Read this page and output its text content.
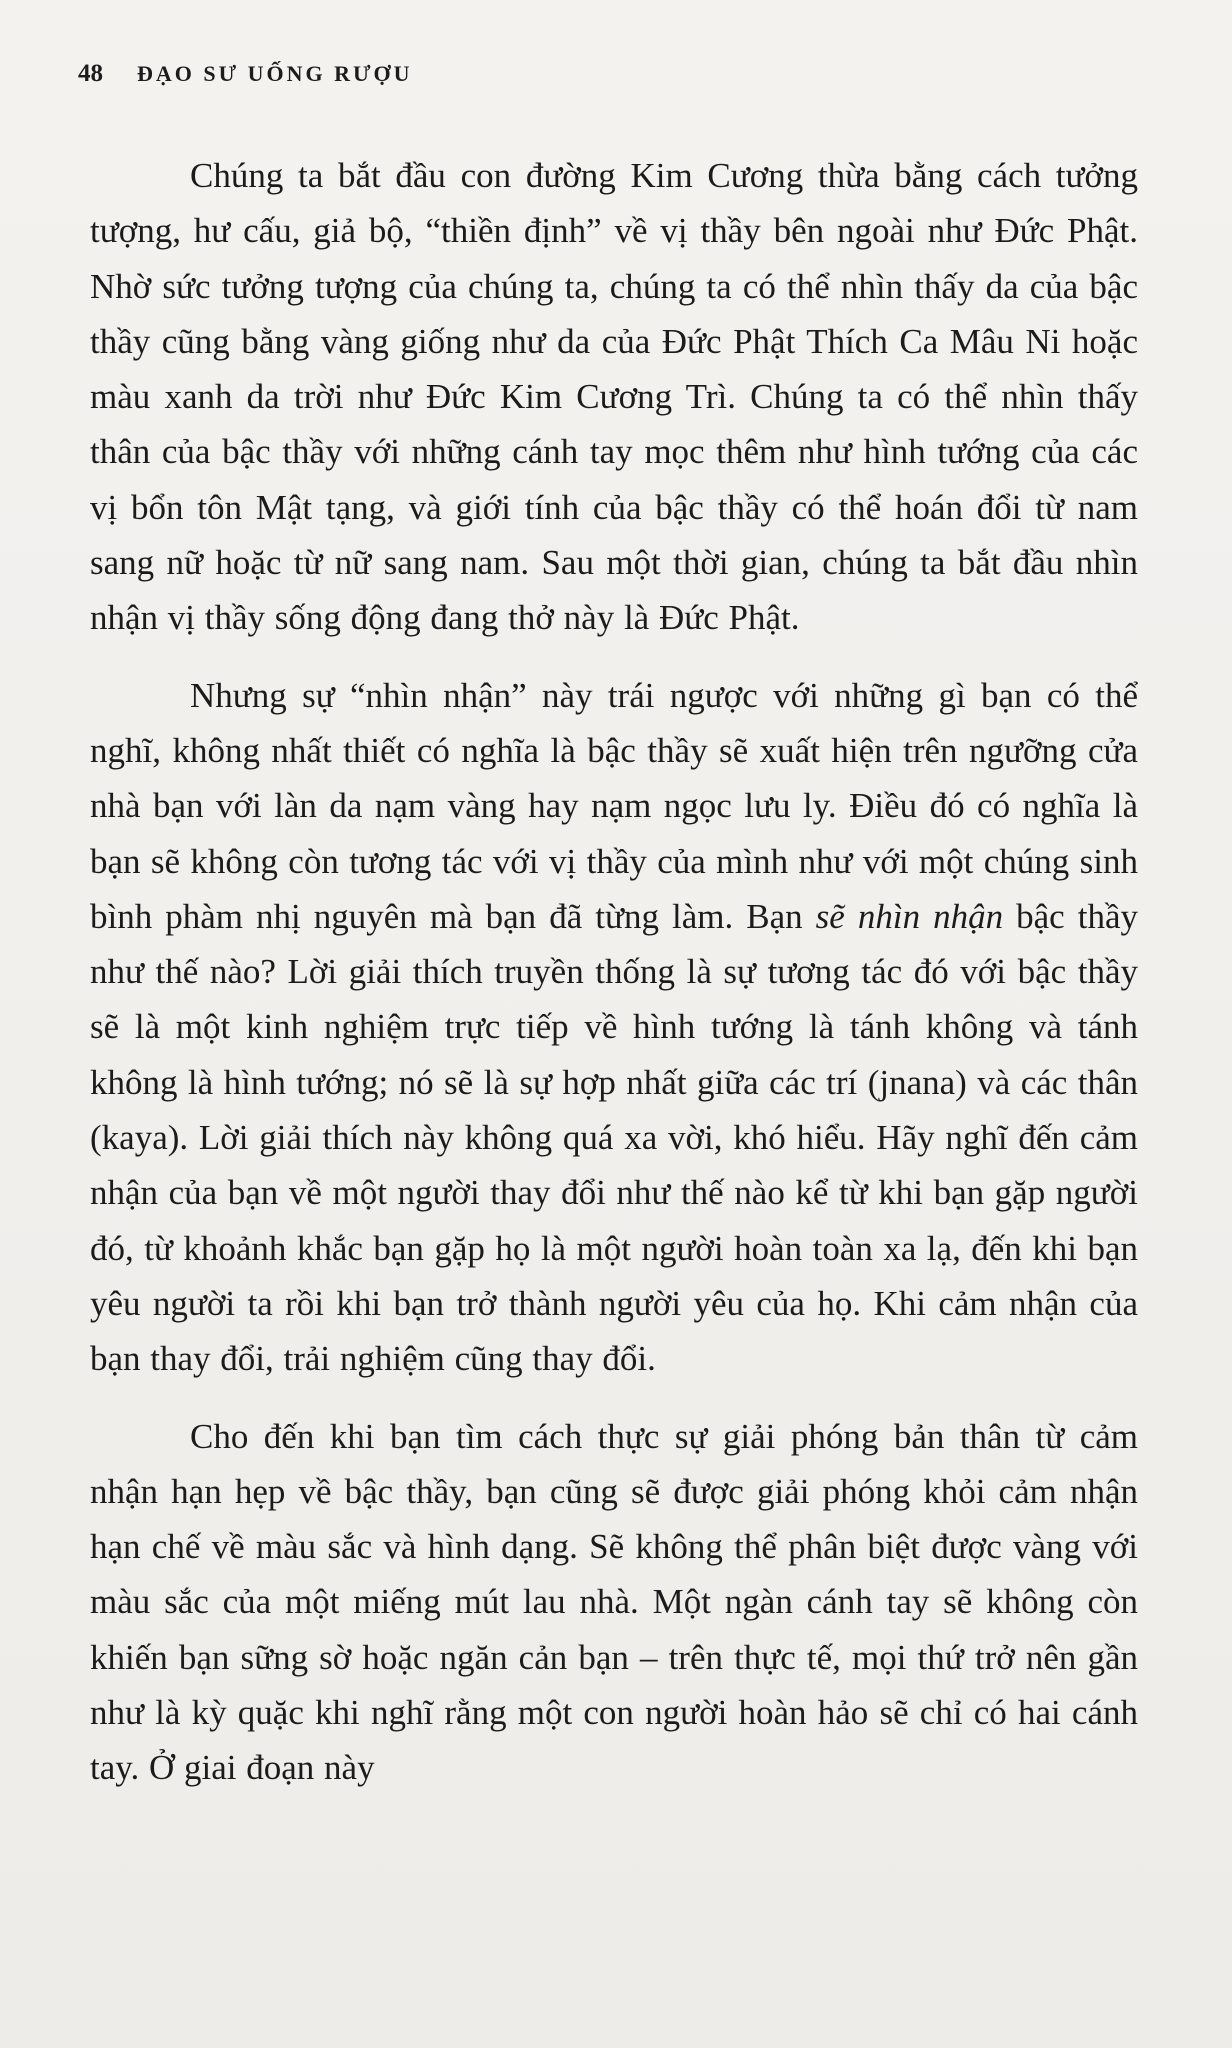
48 ĐẠO SƯ UỐNG RƯỢU

Chúng ta bắt đầu con đường Kim Cương thừa bằng cách tưởng tượng, hư cấu, giả bộ, “thiền định” về vị thầy bên ngoài như Đức Phật. Nhờ sức tưởng tượng của chúng ta, chúng ta có thể nhìn thấy da của bậc thầy cũng bằng vàng giống như da của Đức Phật Thích Ca Mâu Ni hoặc màu xanh da trời như Đức Kim Cương Trì. Chúng ta có thể nhìn thấy thân của bậc thầy với những cánh tay mọc thêm như hình tướng của các vị bổn tôn Mật tạng, và giới tính của bậc thầy có thể hoán đổi từ nam sang nữ hoặc từ nữ sang nam. Sau một thời gian, chúng ta bắt đầu nhìn nhận vị thầy sống động đang thở này là Đức Phật.

Nhưng sự “nhìn nhận” này trái ngược với những gì bạn có thể nghĩ, không nhất thiết có nghĩa là bậc thầy sẽ xuất hiện trên ngưỡng cửa nhà bạn với làn da nạm vàng hay nạm ngọc lưu ly. Điều đó có nghĩa là bạn sẽ không còn tương tác với vị thầy của mình như với một chúng sinh bình phàm nhị nguyên mà bạn đã từng làm. Bạn sẽ nhìn nhận bậc thầy như thế nào? Lời giải thích truyền thống là sự tương tác đó với bậc thầy sẽ là một kinh nghiệm trực tiếp về hình tướng là tánh không và tánh không là hình tướng; nó sẽ là sự hợp nhất giữa các trí (jnana) và các thân (kaya). Lời giải thích này không quá xa vời, khó hiểu. Hãy nghĩ đến cảm nhận của bạn về một người thay đổi như thế nào kể từ khi bạn gặp người đó, từ khoảnh khắc bạn gặp họ là một người hoàn toàn xa lạ, đến khi bạn yêu người ta rồi khi bạn trở thành người yêu của họ. Khi cảm nhận của bạn thay đổi, trải nghiệm cũng thay đổi.

Cho đến khi bạn tìm cách thực sự giải phóng bản thân từ cảm nhận hạn hẹp về bậc thầy, bạn cũng sẽ được giải phóng khỏi cảm nhận hạn chế về màu sắc và hình dạng. Sẽ không thể phân biệt được vàng với màu sắc của một miếng mút lau nhà. Một ngàn cánh tay sẽ không còn khiến bạn sững sờ hoặc ngăn cản bạn – trên thực tế, mọi thứ trở nên gần như là kỳ quặc khi nghĩ rằng một con người hoàn hảo sẽ chỉ có hai cánh tay. Ở giai đoạn này
